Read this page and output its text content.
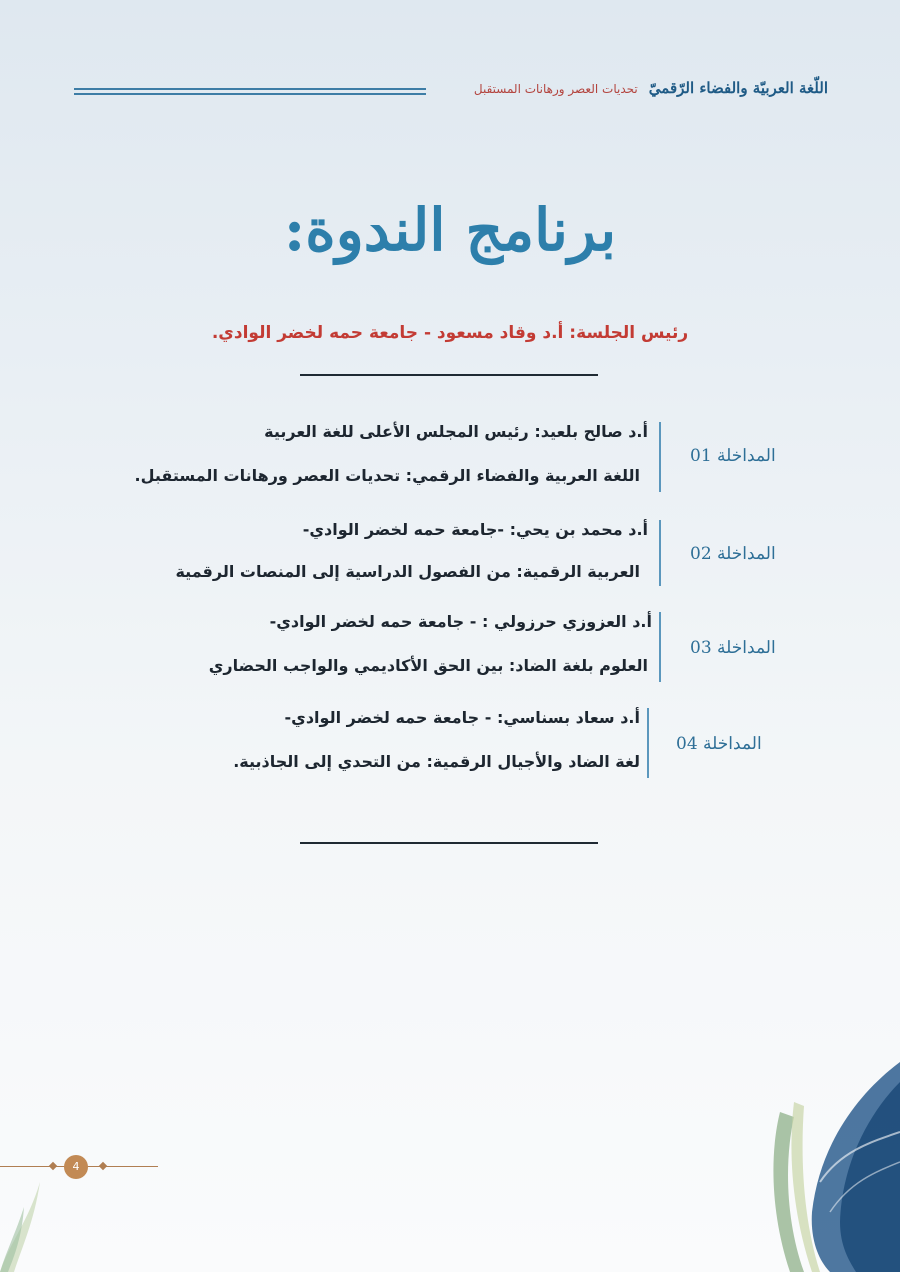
اللّغة العربيّة والفضاء الرّقميّ تحديات العصر ورهانات المستقبل
برنامج الندوة:
رئيس الجلسة: أ.د وقاد مسعود - جامعة حمه لخضر الوادي.
المداخلة 01
أ.د صالح بلعيد: رئيس المجلس الأعلى للغة العربية
اللغة العربية والفضاء الرقمي: تحديات العصر ورهانات المستقبل.
المداخلة 02
أ.د محمد بن يحي: -جامعة حمه لخضر الوادي-
العربية الرقمية: من الفصول الدراسية إلى المنصات الرقمية
المداخلة 03
أ.د العزوزي حرزولي : - جامعة حمه لخضر الوادي-
العلوم بلغة الضاد: بين الحق الأكاديمي والواجب الحضاري
المداخلة 04
أ.د سعاد بسناسي: - جامعة حمه لخضر الوادي-
لغة الضاد والأجيال الرقمية: من التحدي إلى الجاذبية.
4
